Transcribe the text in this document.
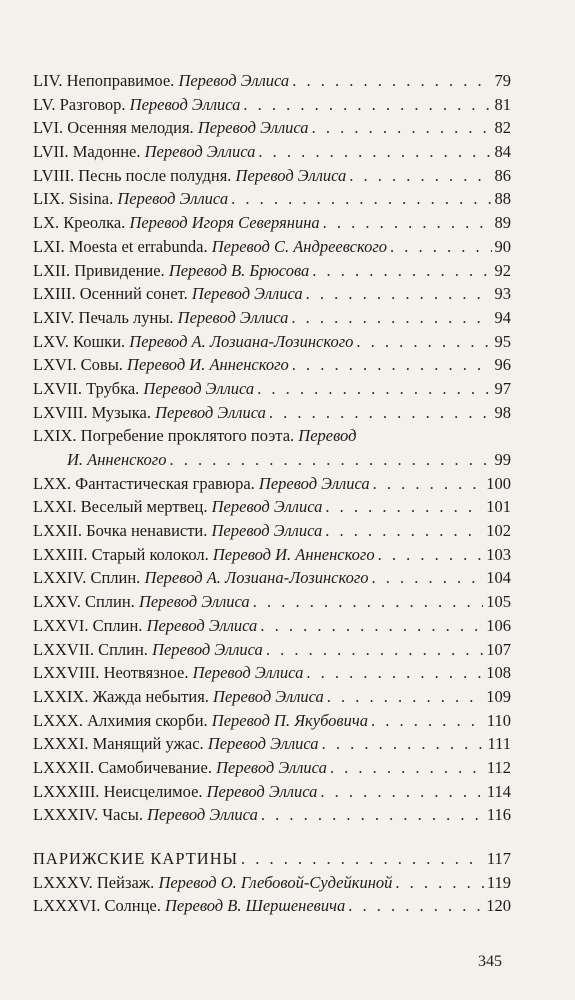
LIV. Непоправимое. Перевод Эллиса . . .	79
LV. Разговор. Перевод Эллиса . . .	81
LVI. Осенняя мелодия. Перевод Эллиса . . .	82
LVII. Мадонне. Перевод Эллиса . . .	84
LVIII. Песнь после полудня. Перевод Эллиса . . .	86
LIX. Sisina. Перевод Эллиса . . .	88
LX. Креолка. Перевод Игоря Северянина . . .	89
LXI. Moesta et errabunda. Перевод С. Андреевского . . .	90
LXII. Привидение. Перевод В. Брюсова . . .	92
LXIII. Осенний сонет. Перевод Эллиса . . .	93
LXIV. Печаль луны. Перевод Эллиса . . .	94
LXV. Кошки. Перевод А. Лозиана-Лозинского . . .	95
LXVI. Совы. Перевод И. Анненского . . .	96
LXVII. Трубка. Перевод Эллиса . . .	97
LXVIII. Музыка. Перевод Эллиса . . .	98
LXIX. Погребение проклятого поэта. Перевод
И. Анненского . . .	99
LXX. Фантастическая гравюра. Перевод Эллиса . . .	100
LXXI. Веселый мертвец. Перевод Эллиса . . .	101
LXXII. Бочка ненависти. Перевод Эллиса . . .	102
LXXIII. Старый колокол. Перевод И. Анненского . . .	103
LXXIV. Сплин. Перевод А. Лозиана-Лозинского . . .	104
LXXV. Сплин. Перевод Эллиса . . .	105
LXXVI. Сплин. Перевод Эллиса . . .	106
LXXVII. Сплин. Перевод Эллиса . . .	107
LXXVIII. Неотвязное. Перевод Эллиса . . .	108
LXXIX. Жажда небытия. Перевод Эллиса . . .	109
LXXX. Алхимия скорби. Перевод П. Якубовича . . .	110
LXXXI. Манящий ужас. Перевод Эллиса . . .	111
LXXXII. Самобичевание. Перевод Эллиса . . .	112
LXXXIII. Неисцелимое. Перевод Эллиса . . .	114
LXXXIV. Часы. Перевод Эллиса . . .	116
ПАРИЖСКИЕ КАРТИНЫ . . .	117
LXXXV. Пейзаж. Перевод О. Глебовой-Судейкиной . . .	119
LXXXVI. Солнце. Перевод В. Шершеневича . . .	120
345
